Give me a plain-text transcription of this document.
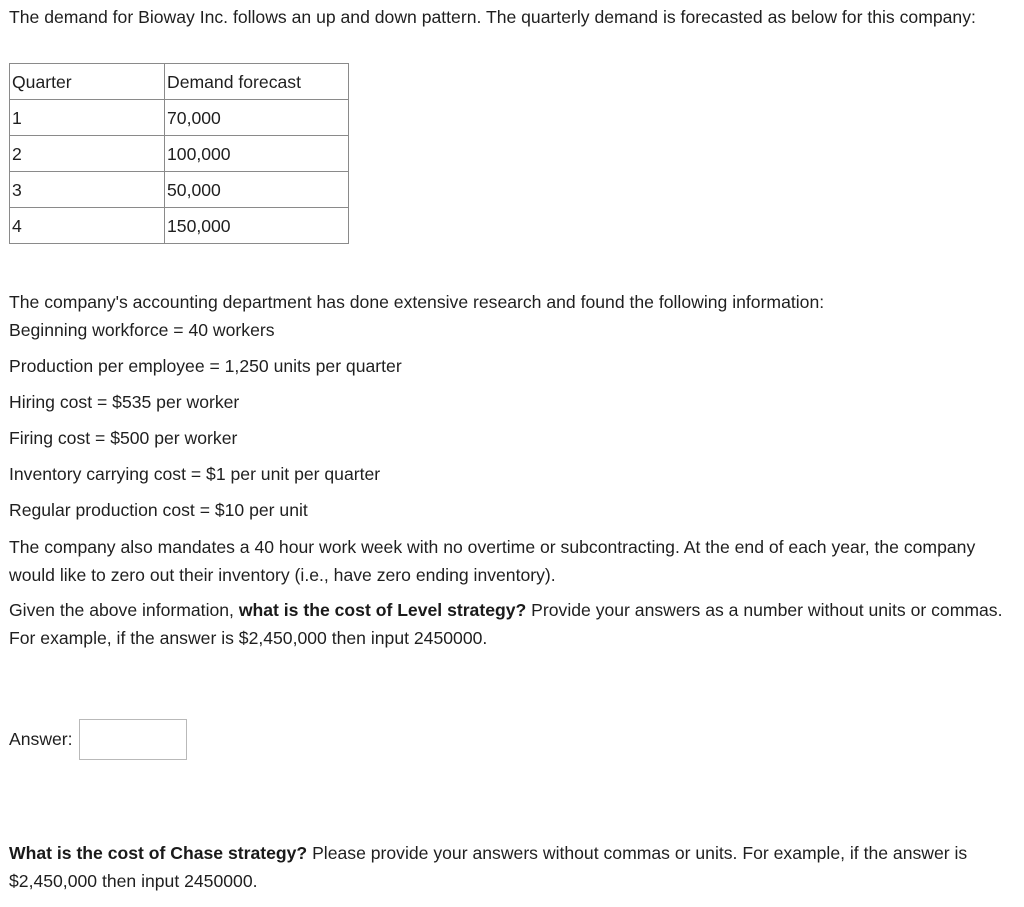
The demand for Bioway Inc. follows an up and down pattern. The quarterly demand is forecasted as below for this company:

Quarter	Demand forecast
1	70,000
2	100,000
3	50,000
4	150,000

The company's accounting department has done extensive research and found the following information:
Beginning workforce = 40 workers

Production per employee = 1,250 units per quarter

Hiring cost = $535 per worker

Firing cost = $500 per worker

Inventory carrying cost = $1 per unit per quarter

Regular production cost = $10 per unit

The company also mandates a 40 hour work week with no overtime or subcontracting. At the end of each year, the company would like to zero out their inventory (i.e., have zero ending inventory).

Given the above information, what is the cost of Level strategy? Provide your answers as a number without units or commas. For example, if the answer is $2,450,000 then input 2450000.

Answer:

What is the cost of Chase strategy? Please provide your answers without commas or units. For example, if the answer is $2,450,000 then input 2450000.
